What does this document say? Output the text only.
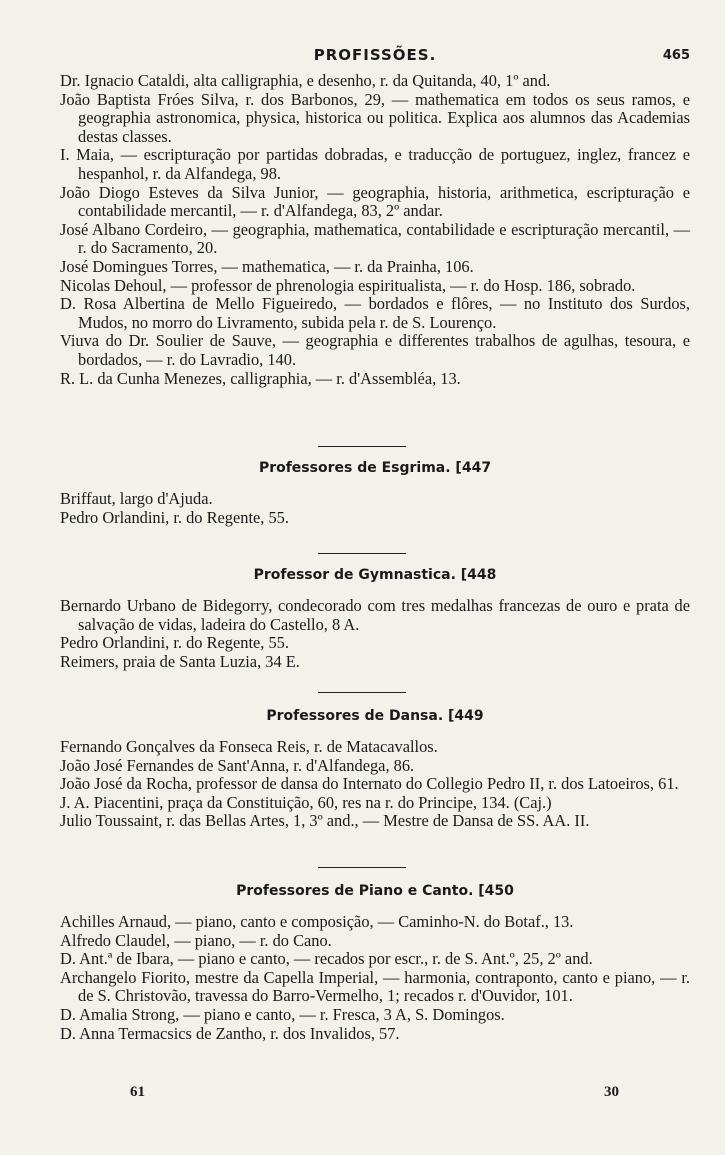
PROFISSÕES.	465
Dr. Ignacio Cataldi, alta calligraphia, e desenho, r. da Quitanda, 40, 1º and.
João Baptista Fróes Silva, r. dos Barbonos, 29, — mathematica em todos os seus ramos, e geographia astronomica, physica, historica ou politica. Explica aos alumnos das Academias destas classes.
I. Maia, — escripturação por partidas dobradas, e traducção de portuguez, inglez, francez e hespanhol, r. da Alfandega, 98.
João Diogo Esteves da Silva Junior, — geographia, historia, arithmetica, escripturação e contabilidade mercantil, — r. d'Alfandega, 83, 2º andar.
José Albano Cordeiro, — geographia, mathematica, contabilidade e escripturação mercantil, — r. do Sacramento, 20.
José Domingues Torres, — mathematica, — r. da Prainha, 106.
Nicolas Dehoul, — professor de phrenologia espiritualista, — r. do Hosp. 186, sobrado.
D. Rosa Albertina de Mello Figueiredo, — bordados e flôres, — no Instituto dos Surdos, Mudos, no morro do Livramento, subida pela r. de S. Lourenço.
Viuva do Dr. Soulier de Sauve, — geographia e differentes trabalhos de agulhas, tesoura, e bordados, — r. do Lavradio, 140.
R. L. da Cunha Menezes, calligraphia, — r. d'Assembléa, 13.
Professores de Esgrima. [447
Briffaut, largo d'Ajuda.
Pedro Orlandini, r. do Regente, 55.
Professor de Gymnastica. [448
Bernardo Urbano de Bidegorry, condecorado com tres medalhas francezas de ouro e prata de salvação de vidas, ladeira do Castello, 8 A.
Pedro Orlandini, r. do Regente, 55.
Reimers, praia de Santa Luzia, 34 E.
Professores de Dansa. [449
Fernando Gonçalves da Fonseca Reis, r. de Matacavallos.
João José Fernandes de Sant'Anna, r. d'Alfandega, 86.
João José da Rocha, professor de dansa do Internato do Collegio Pedro II, r. dos Latoeiros, 61.
J. A. Piacentini, praça da Constituição, 60, res na r. do Principe, 134. (Caj.)
Julio Toussaint, r. das Bellas Artes, 1, 3º and., — Mestre de Dansa de SS. AA. II.
Professores de Piano e Canto. [450
Achilles Arnaud, — piano, canto e composição, — Caminho-N. do Botaf., 13.
Alfredo Claudel, — piano, — r. do Cano.
D. Ant.ª de Ibara, — piano e canto, — recados por escr., r. de S. Ant.º, 25, 2º and.
Archangelo Fiorito, mestre da Capella Imperial, — harmonia, contraponto, canto e piano, — r. de S. Christovão, travessa do Barro-Vermelho, 1; recados r. d'Ouvidor, 101.
D. Amalia Strong, — piano e canto, — r. Fresca, 3 A, S. Domingos.
D. Anna Termacsics de Zantho, r. dos Invalidos, 57.
61	30
